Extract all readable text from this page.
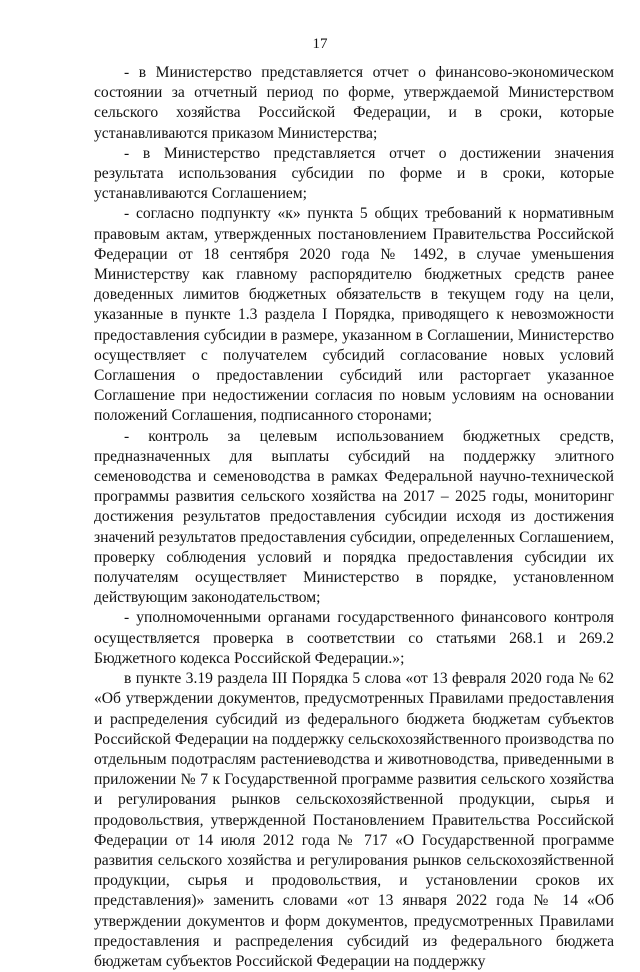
17

- в Министерство представляется отчет о финансово-экономическом состоянии за отчетный период по форме, утверждаемой Министерством сельского хозяйства Российской Федерации, и в сроки, которые устанавливаются приказом Министерства;

- в Министерство представляется отчет о достижении значения результата использования субсидии по форме и в сроки, которые устанавливаются Соглашением;

- согласно подпункту «к» пункта 5 общих требований к нормативным правовым актам, утвержденных постановлением Правительства Российской Федерации от 18 сентября 2020 года № 1492, в случае уменьшения Министерству как главному распорядителю бюджетных средств ранее доведенных лимитов бюджетных обязательств в текущем году на цели, указанные в пункте 1.3 раздела I Порядка, приводящего к невозможности предоставления субсидии в размере, указанном в Соглашении, Министерство осуществляет с получателем субсидий согласование новых условий Соглашения о предоставлении субсидий или расторгает указанное Соглашение при недостижении согласия по новым условиям на основании положений Соглашения, подписанного сторонами;

- контроль за целевым использованием бюджетных средств, предназначенных для выплаты субсидий на поддержку элитного семеноводства и семеноводства в рамках Федеральной научно-технической программы развития сельского хозяйства на 2017 – 2025 годы, мониторинг достижения результатов предоставления субсидии исходя из достижения значений результатов предоставления субсидии, определенных Соглашением, проверку соблюдения условий и порядка предоставления субсидии их получателям осуществляет Министерство в порядке, установленном действующим законодательством;

- уполномоченными органами государственного финансового контроля осуществляется проверка в соответствии со статьями 268.1 и 269.2 Бюджетного кодекса Российской Федерации.»;

в пункте 3.19 раздела III Порядка 5 слова «от 13 февраля 2020 года № 62 «Об утверждении документов, предусмотренных Правилами предоставления и распределения субсидий из федерального бюджета бюджетам субъектов Российской Федерации на поддержку сельскохозяйственного производства по отдельным подотраслям растениеводства и животноводства, приведенными в приложении № 7 к Государственной программе развития сельского хозяйства и регулирования рынков сельскохозяйственной продукции, сырья и продовольствия, утвержденной Постановлением Правительства Российской Федерации от 14 июля 2012 года № 717 «О Государственной программе развития сельского хозяйства и регулирования рынков сельскохозяйственной продукции, сырья и продовольствия, и установлении сроков их представления)» заменить словами «от 13 января 2022 года № 14 «Об утверждении документов и форм документов, предусмотренных Правилами предоставления и распределения субсидий из федерального бюджета бюджетам субъектов Российской Федерации на поддержку
